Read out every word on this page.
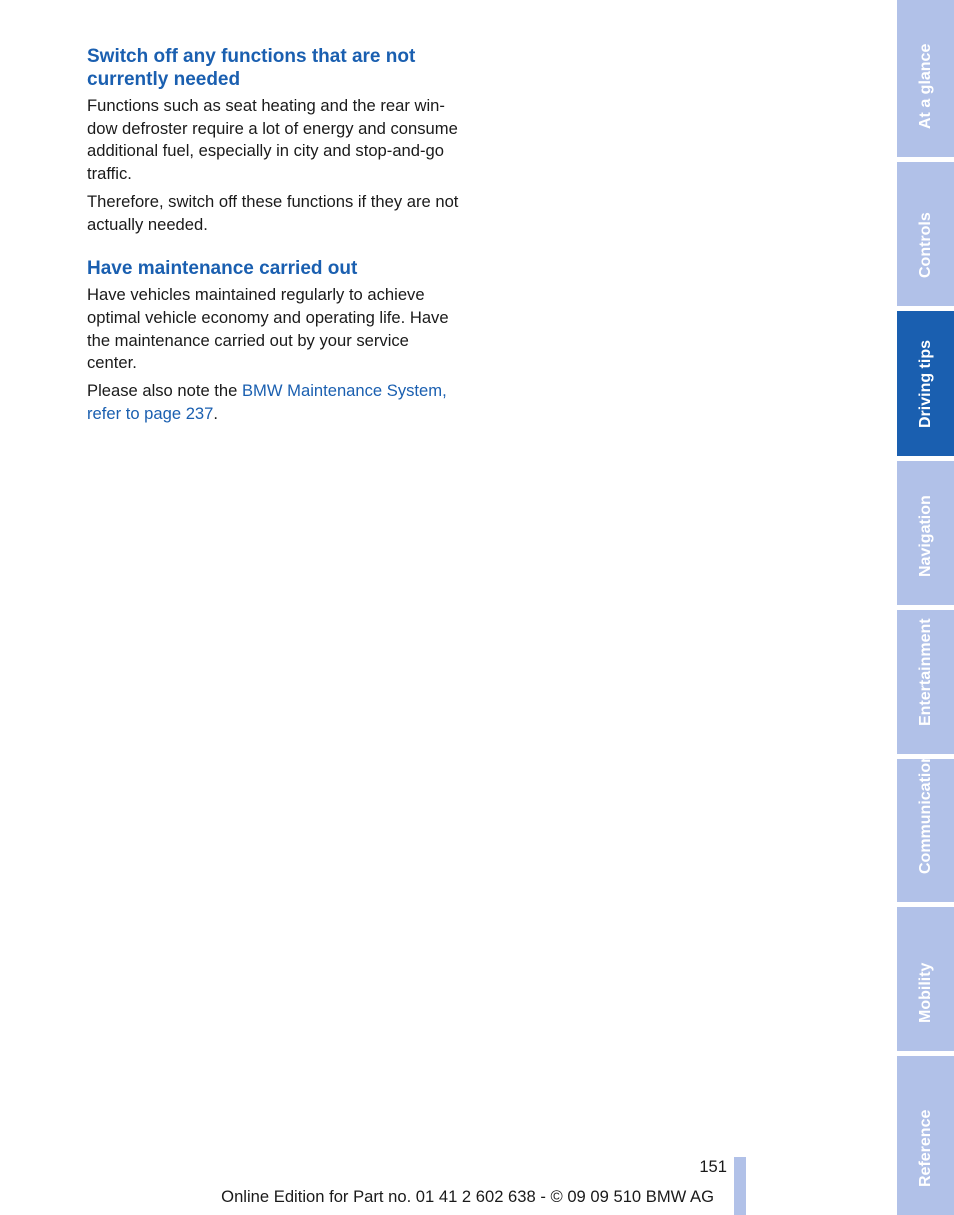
Switch off any functions that are not currently needed

Functions such as seat heating and the rear window defroster require a lot of energy and consume additional fuel, especially in city and stop-and-go traffic.

Therefore, switch off these functions if they are not actually needed.

Have maintenance carried out

Have vehicles maintained regularly to achieve optimal vehicle economy and operating life. Have the maintenance carried out by your service center.

Please also note the BMW Maintenance System, refer to page 237.

151
Online Edition for Part no. 01 41 2 602 638 - © 09 09 510 BMW AG
At a glance
Controls
Driving tips
Navigation
Entertainment
Communication
Mobility
Reference
